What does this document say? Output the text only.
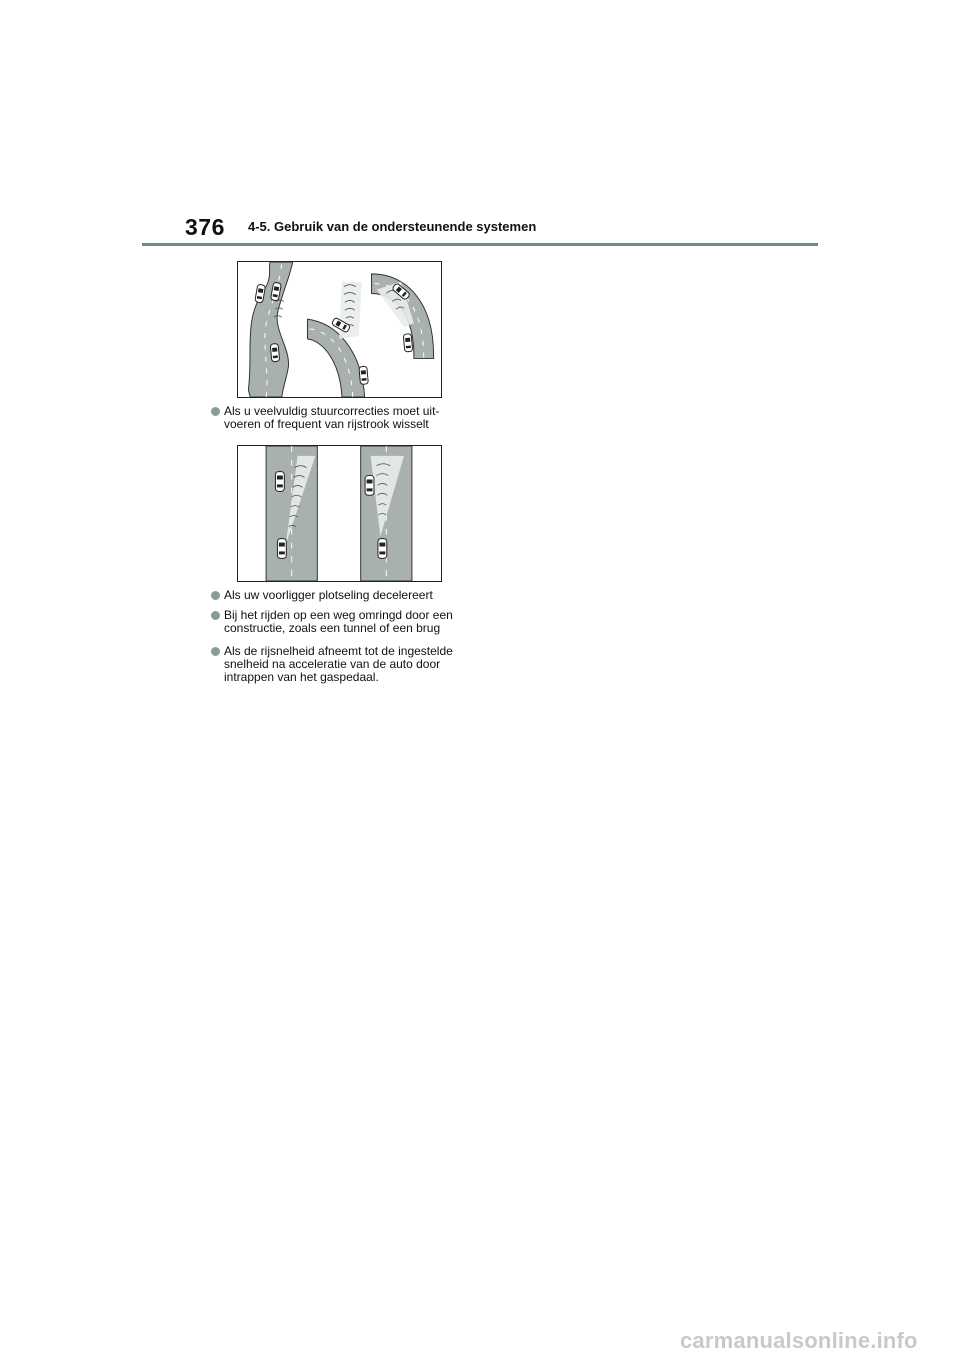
376 4-5. Gebruik van de ondersteunende systemen
Als u veelvuldig stuurcorrecties moet uit-
voeren of frequent van rijstrook wisselt
Als uw voorligger plotseling decelereert
Bij het rijden op een weg omringd door een
constructie, zoals een tunnel of een brug
Als de rijsnelheid afneemt tot de ingestelde
snelheid na acceleratie van de auto door
intrappen van het gaspedaal.
carmanualsonline.info
